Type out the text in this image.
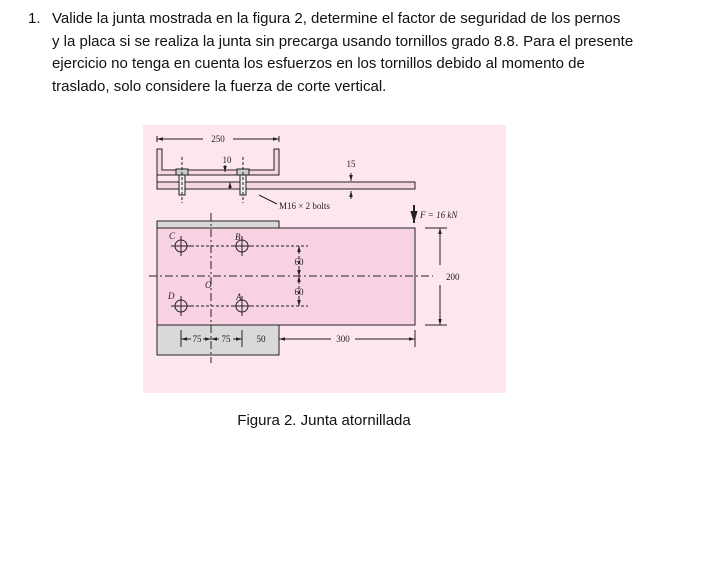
1. Valide la junta mostrada en la figura 2, determine el factor de seguridad de los pernos
y la placa si se realiza la junta sin precarga usando tornillos grado 8.8. Para el presente
ejercicio no tenga en cuenta los esfuerzos en los tornillos debido al momento de
traslado, solo considere la fuerza de corte vertical.
250
10	15
M16 × 2 bolts
F = 16 kN
C	B
D	A
O
60
60
200
75 75	50	300
Figura 2. Junta atornillada
